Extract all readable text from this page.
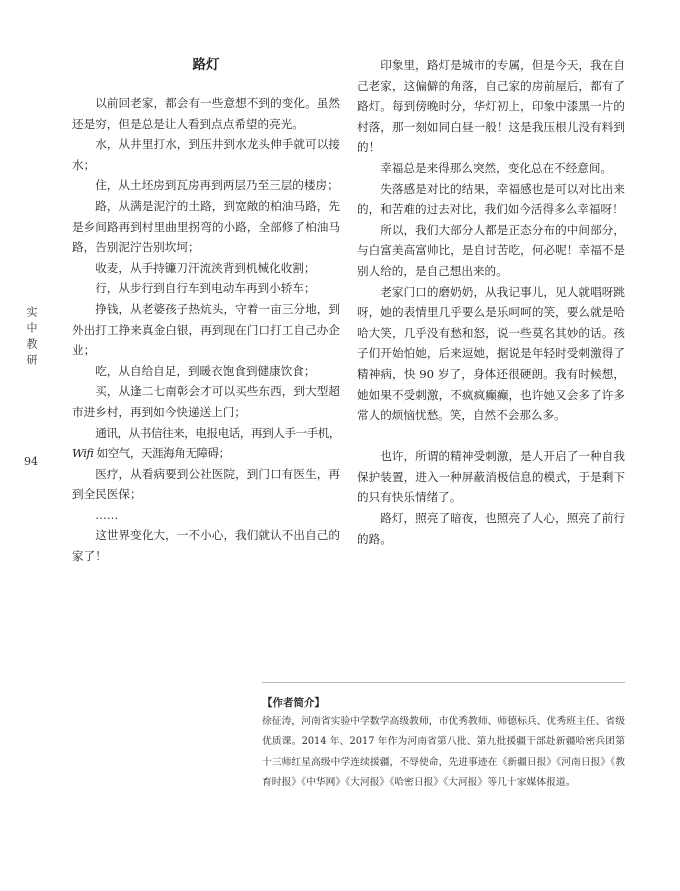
实中教研
94
路灯

以前回老家，都会有一些意想不到的变化。虽然还是穷，但是总是让人看到点点希望的亮光。

水，从井里打水，到压井到水龙头伸手就可以接水；

住，从土坯房到瓦房再到两层乃至三层的楼房；

路，从满是泥泞的土路，到宽敞的柏油马路，先是乡间路再到村里曲里拐弯的小路，全部修了柏油马路，告别泥泞告别坎坷；

收麦，从手持镰刀汗流浃背到机械化收割；

行，从步行到自行车到电动车再到小轿车；

挣钱，从老婆孩子热炕头，守着一亩三分地，到外出打工挣来真金白银，再到现在门口打工自己办企业；

吃，从自给自足，到暖衣饱食到健康饮食；

买，从逢二七南彰会才可以买些东西，到大型超市进乡村，再到如今快递送上门；

通讯，从书信往来，电报电话，再到人手一手机，Wifi 如空气，天涯海角无障碍；

医疗，从看病要到公社医院，到门口有医生，再到全民医保；

……

这世界变化大，一不小心，我们就认不出自己的家了！

印象里，路灯是城市的专属，但是今天，我在自己老家，这偏僻的角落，自己家的房前屋后，都有了路灯。每到傍晚时分，华灯初上，印象中漆黑一片的村落，那一刻如同白昼一般！这是我压根儿没有料到的！

幸福总是来得那么突然，变化总在不经意间。

失落感是对比的结果，幸福感也是可以对比出来的，和苦难的过去对比，我们如今活得多么幸福呀！

所以，我们大部分人都是正态分布的中间部分，与白富美高富帅比，是自讨苦吃，何必呢！幸福不是别人给的，是自己想出来的。

老家门口的磨奶奶，从我记事儿，见人就唱呀跳呀，她的表情里几乎要么是乐呵呵的笑，要么就是哈哈大笑，几乎没有愁和怒，说一些莫名其妙的话。孩子们开始怕她，后来逗她，据说是年轻时受刺激得了精神病，快 90 岁了，身体还很硬朗。我有时候想，她如果不受刺激，不疯疯癫癫，也许她又会多了许多常人的烦恼忧愁。笑，自然不会那么多。

也许，所谓的精神受刺激，是人开启了一种自我保护装置，进入一种屏蔽消极信息的模式，于是剩下的只有快乐情绪了。

路灯，照亮了暗夜，也照亮了人心，照亮了前行的路。

【作者简介】

徐征涛，河南省实验中学数学高级教师，市优秀教师、师德标兵、优秀班主任、省级优质课。2014 年、2017 年作为河南省第八批、第九批援疆干部赴新疆哈密兵团第十三师红星高级中学连续援疆，不辱使命，先进事迹在《新疆日报》《河南日报》《教育时报》《中华网》《大河报》《哈密日报》《大河报》等几十家媒体报道。
